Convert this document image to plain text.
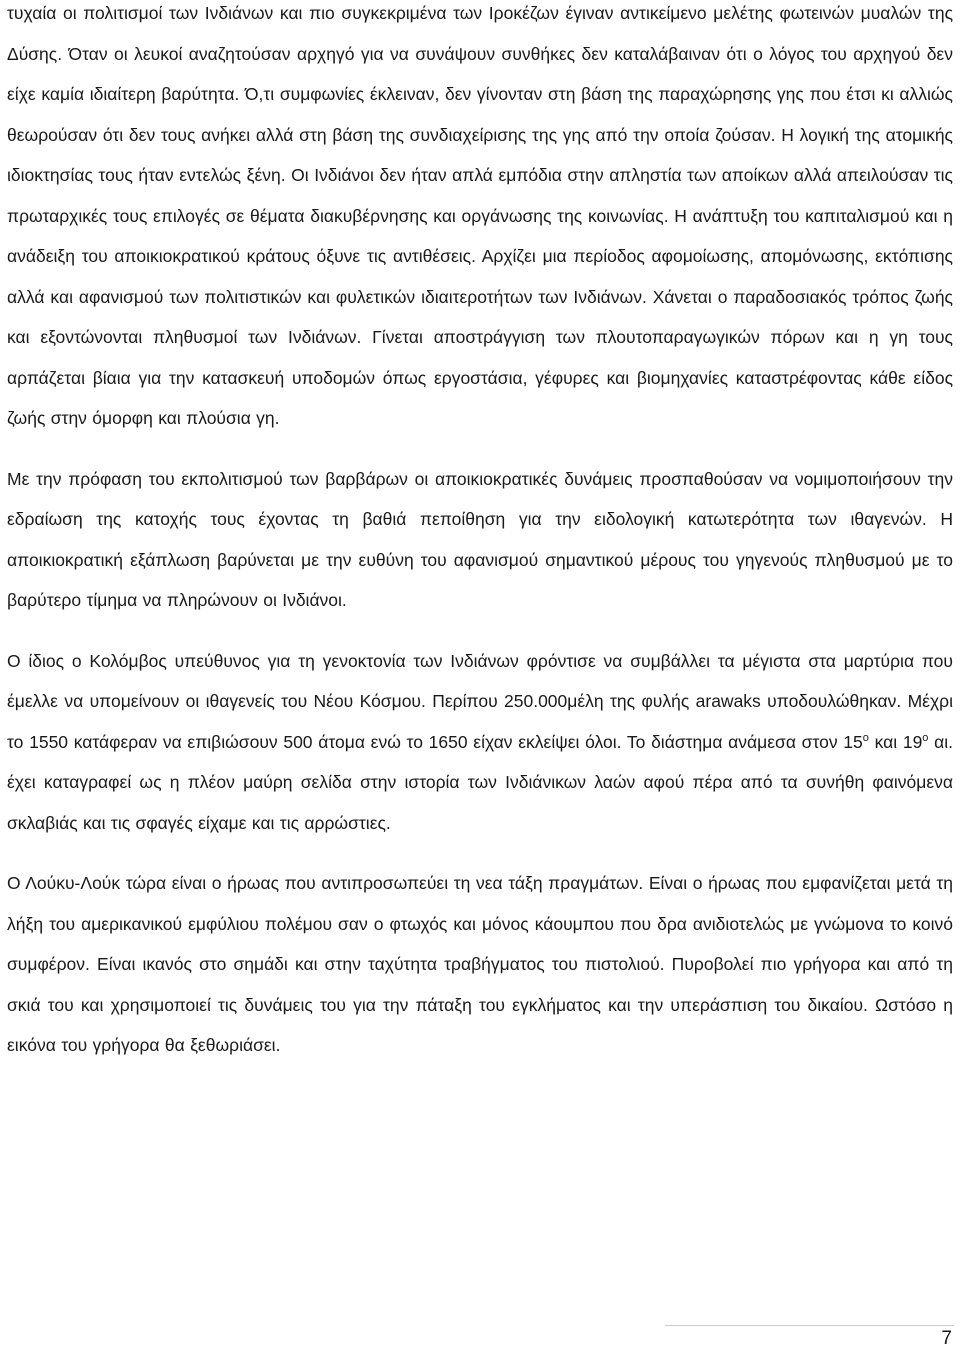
τυχαία οι πολιτισμοί των Ινδιάνων και πιο συγκεκριμένα των Ιροκέζων έγιναν αντικείμενο μελέτης φωτεινών μυαλών της Δύσης. Όταν οι λευκοί αναζητούσαν αρχηγό για να συνάψουν συνθήκες δεν καταλάβαιναν ότι ο λόγος του αρχηγού δεν είχε καμία ιδιαίτερη βαρύτητα. Ό,τι συμφωνίες έκλειναν, δεν γίνονταν στη βάση της παραχώρησης γης που έτσι κι αλλιώς θεωρούσαν ότι δεν τους ανήκει αλλά στη βάση της συνδιαχείρισης της γης από την οποία ζούσαν. Η λογική της ατομικής ιδιοκτησίας τους ήταν εντελώς ξένη. Οι Ινδιάνοι δεν ήταν απλά εμπόδια στην απληστία των αποίκων αλλά απειλούσαν τις πρωταρχικές τους επιλογές σε θέματα διακυβέρνησης και οργάνωσης της κοινωνίας. Η ανάπτυξη του καπιταλισμού και η ανάδειξη του αποικιοκρατικού κράτους όξυνε τις αντιθέσεις. Αρχίζει μια περίοδος αφομοίωσης, απομόνωσης, εκτόπισης αλλά και αφανισμού των πολιτιστικών και φυλετικών ιδιαιτεροτήτων των Ινδιάνων. Χάνεται ο παραδοσιακός τρόπος ζωής και εξοντώνονται πληθυσμοί των Ινδιάνων. Γίνεται αποστράγγιση των πλουτοπαραγωγικών πόρων και η γη τους αρπάζεται βίαια για την κατασκευή υποδομών όπως εργοστάσια, γέφυρες και βιομηχανίες καταστρέφοντας κάθε είδος ζωής στην όμορφη και πλούσια γη.

Με την πρόφαση του εκπολιτισμού των βαρβάρων οι αποικιοκρατικές δυνάμεις προσπαθούσαν να νομιμοποιήσουν την εδραίωση της κατοχής τους έχοντας τη βαθιά πεποίθηση για την ειδολογική κατωτερότητα των ιθαγενών. Η αποικιοκρατική εξάπλωση βαρύνεται με την ευθύνη του αφανισμού σημαντικού μέρους του γηγενούς πληθυσμού με το βαρύτερο τίμημα να πληρώνουν οι Ινδιάνοι.

Ο ίδιος ο Κολόμβος υπεύθυνος για τη γενοκτονία των Ινδιάνων φρόντισε να συμβάλλει τα μέγιστα στα μαρτύρια που έμελλε να υπομείνουν οι ιθαγενείς του Νέου Κόσμου. Περίπου 250.000μέλη της φυλής arawaks υποδουλώθηκαν. Μέχρι το 1550 κατάφεραν να επιβιώσουν 500 άτομα ενώ το 1650 είχαν εκλείψει όλοι. Το διάστημα ανάμεσα στον $15^o$ και $19^o$ αι. έχει καταγραφεί ως η πλέον μαύρη σελίδα στην ιστορία των Ινδιάνικων λαών αφού πέρα από τα συνήθη φαινόμενα σκλαβιάς και τις σφαγές είχαμε και τις αρρώστιες.

Ο Λούκυ-Λούκ τώρα είναι ο ήρωας που αντιπροσωπεύει τη νεα τάξη πραγμάτων. Είναι ο ήρωας που εμφανίζεται μετά τη λήξη του αμερικανικού εμφύλιου πολέμου σαν ο φτωχός και μόνος κάουμπου που δρα ανιδιοτελώς με γνώμονα το κοινό συμφέρον. Είναι ικανός στο σημάδι και στην ταχύτητα τραβήγματος του πιστολιού. Πυροβολεί πιο γρήγορα και από τη σκιά του και χρησιμοποιεί τις δυνάμεις του για την πάταξη του εγκλήματος και την υπεράσπιση του δικαίου. Ωστόσο η εικόνα του γρήγορα θα ξεθωριάσει.

7
